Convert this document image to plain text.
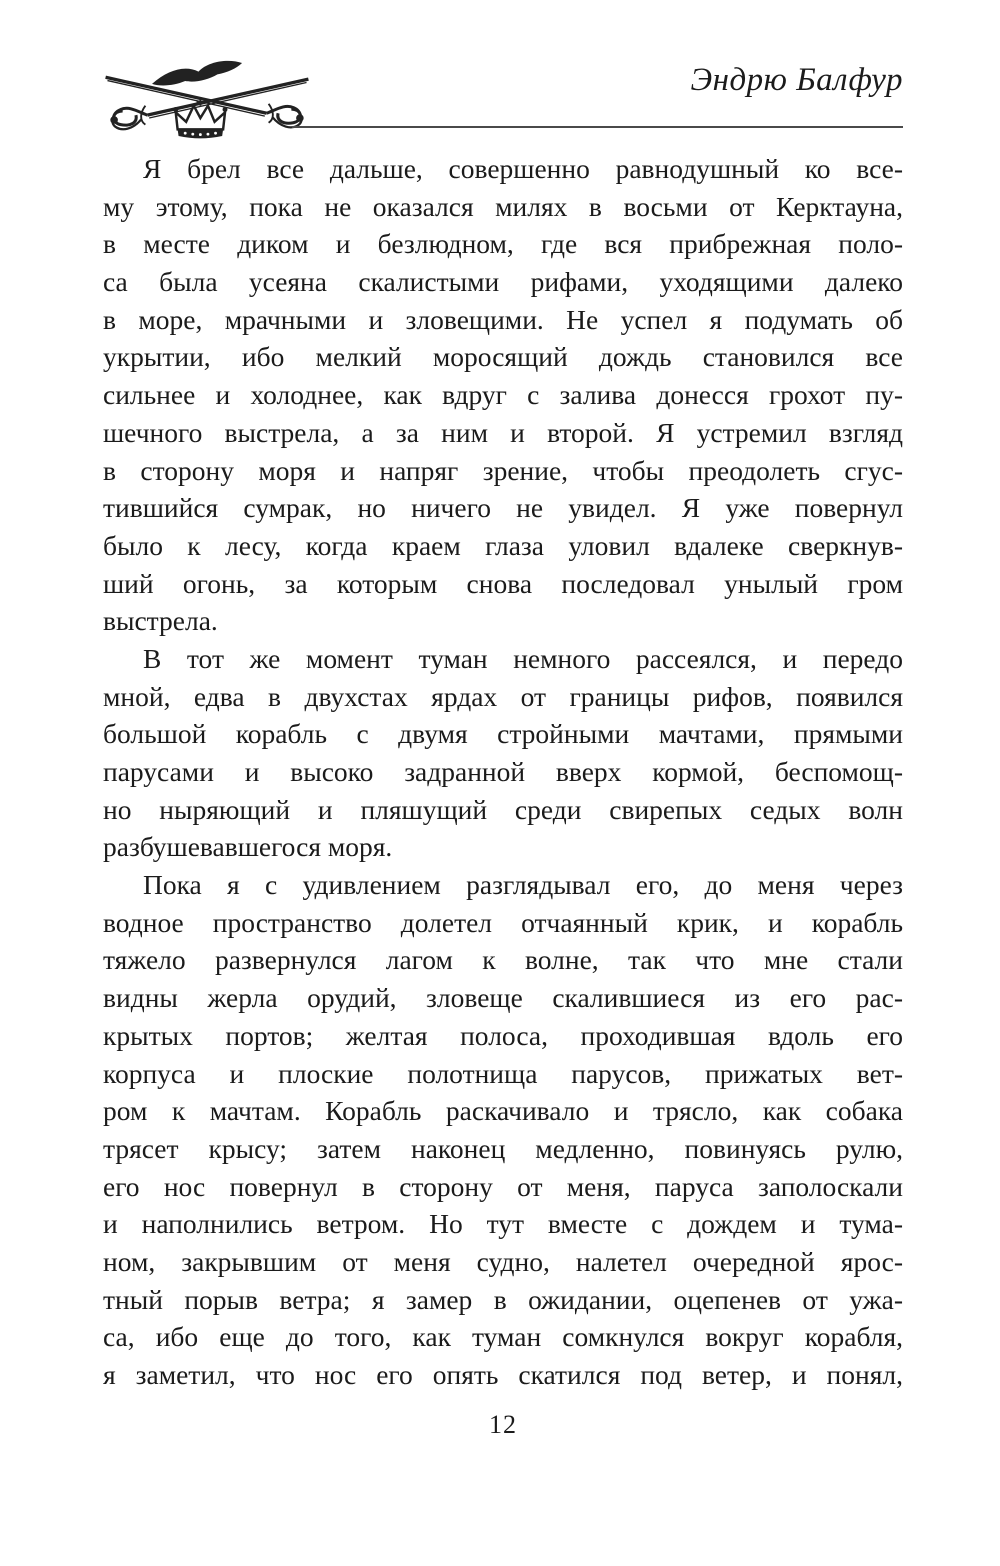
Эндрю Балфур
Я брел все дальше, совершенно равнодушный ко все-
му этому, пока не оказался милях в восьми от Керктауна,
в месте диком и безлюдном, где вся прибрежная поло-
са была усеяна скалистыми рифами, уходящими далеко
в море, мрачными и зловещими. Не успел я подумать об
укрытии, ибо мелкий моросящий дождь становился все
сильнее и холоднее, как вдруг с залива донесся грохот пу-
шечного выстрела, а за ним и второй. Я устремил взгляд
в сторону моря и напряг зрение, чтобы преодолеть сгус-
тившийся сумрак, но ничего не увидел. Я уже повернул
было к лесу, когда краем глаза уловил вдалеке сверкнув-
ший огонь, за которым снова последовал унылый гром
выстрела.
В тот же момент туман немного рассеялся, и передо
мной, едва в двухстах ярдах от границы рифов, появился
большой корабль с двумя стройными мачтами, прямыми
парусами и высоко задранной вверх кормой, беспомощ-
но ныряющий и пляшущий среди свирепых седых волн
разбушевавшегося моря.
Пока я с удивлением разглядывал его, до меня через
водное пространство долетел отчаянный крик, и корабль
тяжело развернулся лагом к волне, так что мне стали
видны жерла орудий, зловеще скалившиеся из его рас-
крытых портов; желтая полоса, проходившая вдоль его
корпуса и плоские полотнища парусов, прижатых вет-
ром к мачтам. Корабль раскачивало и трясло, как собака
трясет крысу; затем наконец медленно, повинуясь рулю,
его нос повернул в сторону от меня, паруса заполоскали
и наполнились ветром. Но тут вместе с дождем и тума-
ном, закрывшим от меня судно, налетел очередной ярос-
тный порыв ветра; я замер в ожидании, оцепенев от ужа-
са, ибо еще до того, как туман сомкнулся вокруг корабля,
я заметил, что нос его опять скатился под ветер, и понял,
12
